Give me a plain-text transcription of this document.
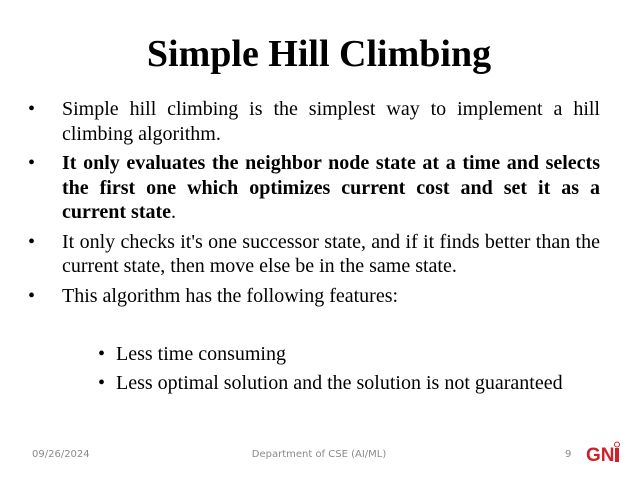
Simple Hill Climbing
• Simple hill climbing is the simplest way to implement a hill climbing algorithm.
• It only evaluates the neighbor node state at a time and selects the first one which optimizes current cost and set it as a current state.
• It only checks it's one successor state, and if it finds better than the current state, then move else be in the same state.
• This algorithm has the following features:
• Less time consuming
• Less optimal solution and the solution is not guaranteed
09/26/2024	Department of CSE (AI/ML)	9 GN
